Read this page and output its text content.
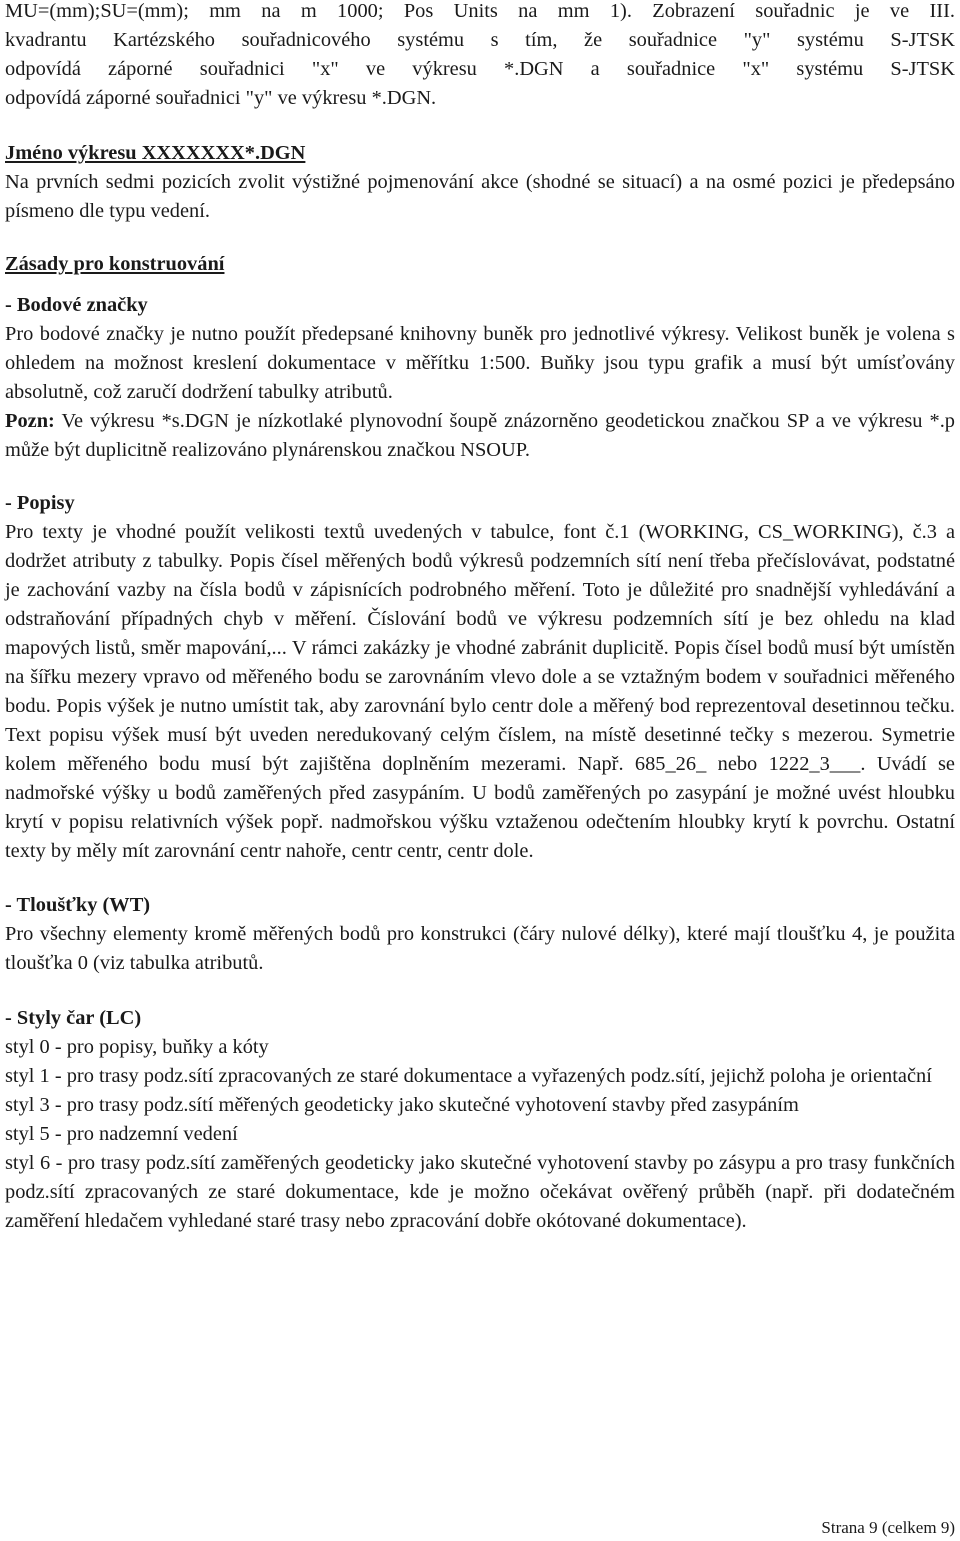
MU=(mm);SU=(mm); mm na m 1000; Pos Units na mm 1). Zobrazení souřadnic je ve III.

kvadrantu Kartézského souřadnicového systému s tím, že souřadnice "y" systému S-JTSK

odpovídá záporné souřadnici "x" ve výkresu *.DGN a souřadnice "x" systému S-JTSK

odpovídá záporné souřadnici "y" ve výkresu *.DGN.

Jméno výkresu XXXXXXX*.DGN

Na prvních sedmi pozicích zvolit výstižné pojmenování akce (shodné se situací) a na osmé pozici je předepsáno písmeno dle typu vedení.

Zásady pro konstruování

- Bodové značky

Pro bodové značky je nutno použít předepsané knihovny buněk pro jednotlivé výkresy. Velikost buněk je volena s ohledem na možnost kreslení dokumentace v měřítku 1:500. Buňky jsou typu grafik a musí být umísťovány absolutně, což zaručí dodržení tabulky atributů.

Pozn: Ve výkresu *s.DGN je nízkotlaké plynovodní šoupě znázorněno geodetickou značkou SP a ve výkresu *.p může být duplicitně realizováno plynárenskou značkou NSOUP.

- Popisy

Pro texty je vhodné použít velikosti textů uvedených v tabulce, font č.1 (WORKING, CS_WORKING), č.3 a dodržet atributy z tabulky. Popis čísel měřených bodů výkresů podzemních sítí není třeba přečíslovávat, podstatné je zachování vazby na čísla bodů v zápisnících podrobného měření. Toto je důležité pro snadnější vyhledávání a odstraňování případných chyb v měření. Číslování bodů ve výkresu podzemních sítí je bez ohledu na klad mapových listů, směr mapování,... V rámci zakázky je vhodné zabránit duplicitě. Popis čísel bodů musí být umístěn na šířku mezery vpravo od měřeného bodu se zarovnáním vlevo dole a se vztažným bodem v souřadnici měřeného bodu. Popis výšek je nutno umístit tak, aby zarovnání bylo centr dole a měřený bod reprezentoval desetinnou tečku. Text popisu výšek musí být uveden neredukovaný celým číslem, na místě desetinné tečky s mezerou. Symetrie kolem měřeného bodu musí být zajištěna doplněním mezerami. Např. 685_26_ nebo 1222_3___. Uvádí se nadmořské výšky u bodů zaměřených před zasypáním. U bodů zaměřených po zasypání je možné uvést hloubku krytí v popisu relativních výšek popř. nadmořskou výšku vztaženou odečtením hloubky krytí k povrchu. Ostatní texty by měly mít zarovnání centr nahoře, centr centr, centr dole.

- Tloušťky (WT)

Pro všechny elementy kromě měřených bodů pro konstrukci (čáry nulové délky), které mají tloušťku 4, je použita tloušťka 0 (viz tabulka atributů.

- Styly čar (LC)

styl 0 - pro popisy, buňky a kóty

styl 1 - pro trasy podz.sítí zpracovaných ze staré dokumentace a vyřazených podz.sítí, jejichž poloha je orientační

styl 3 - pro trasy podz.sítí měřených geodeticky jako skutečné vyhotovení stavby před zasypáním

styl 5 - pro nadzemní vedení

styl 6 - pro trasy podz.sítí zaměřených geodeticky jako skutečné vyhotovení stavby po zásypu a pro trasy funkčních podz.sítí zpracovaných ze staré dokumentace, kde je možno očekávat ověřený průběh (např. při dodatečném zaměření hledačem vyhledané staré trasy nebo zpracování dobře okótované dokumentace).

Strana 9 (celkem 9)
